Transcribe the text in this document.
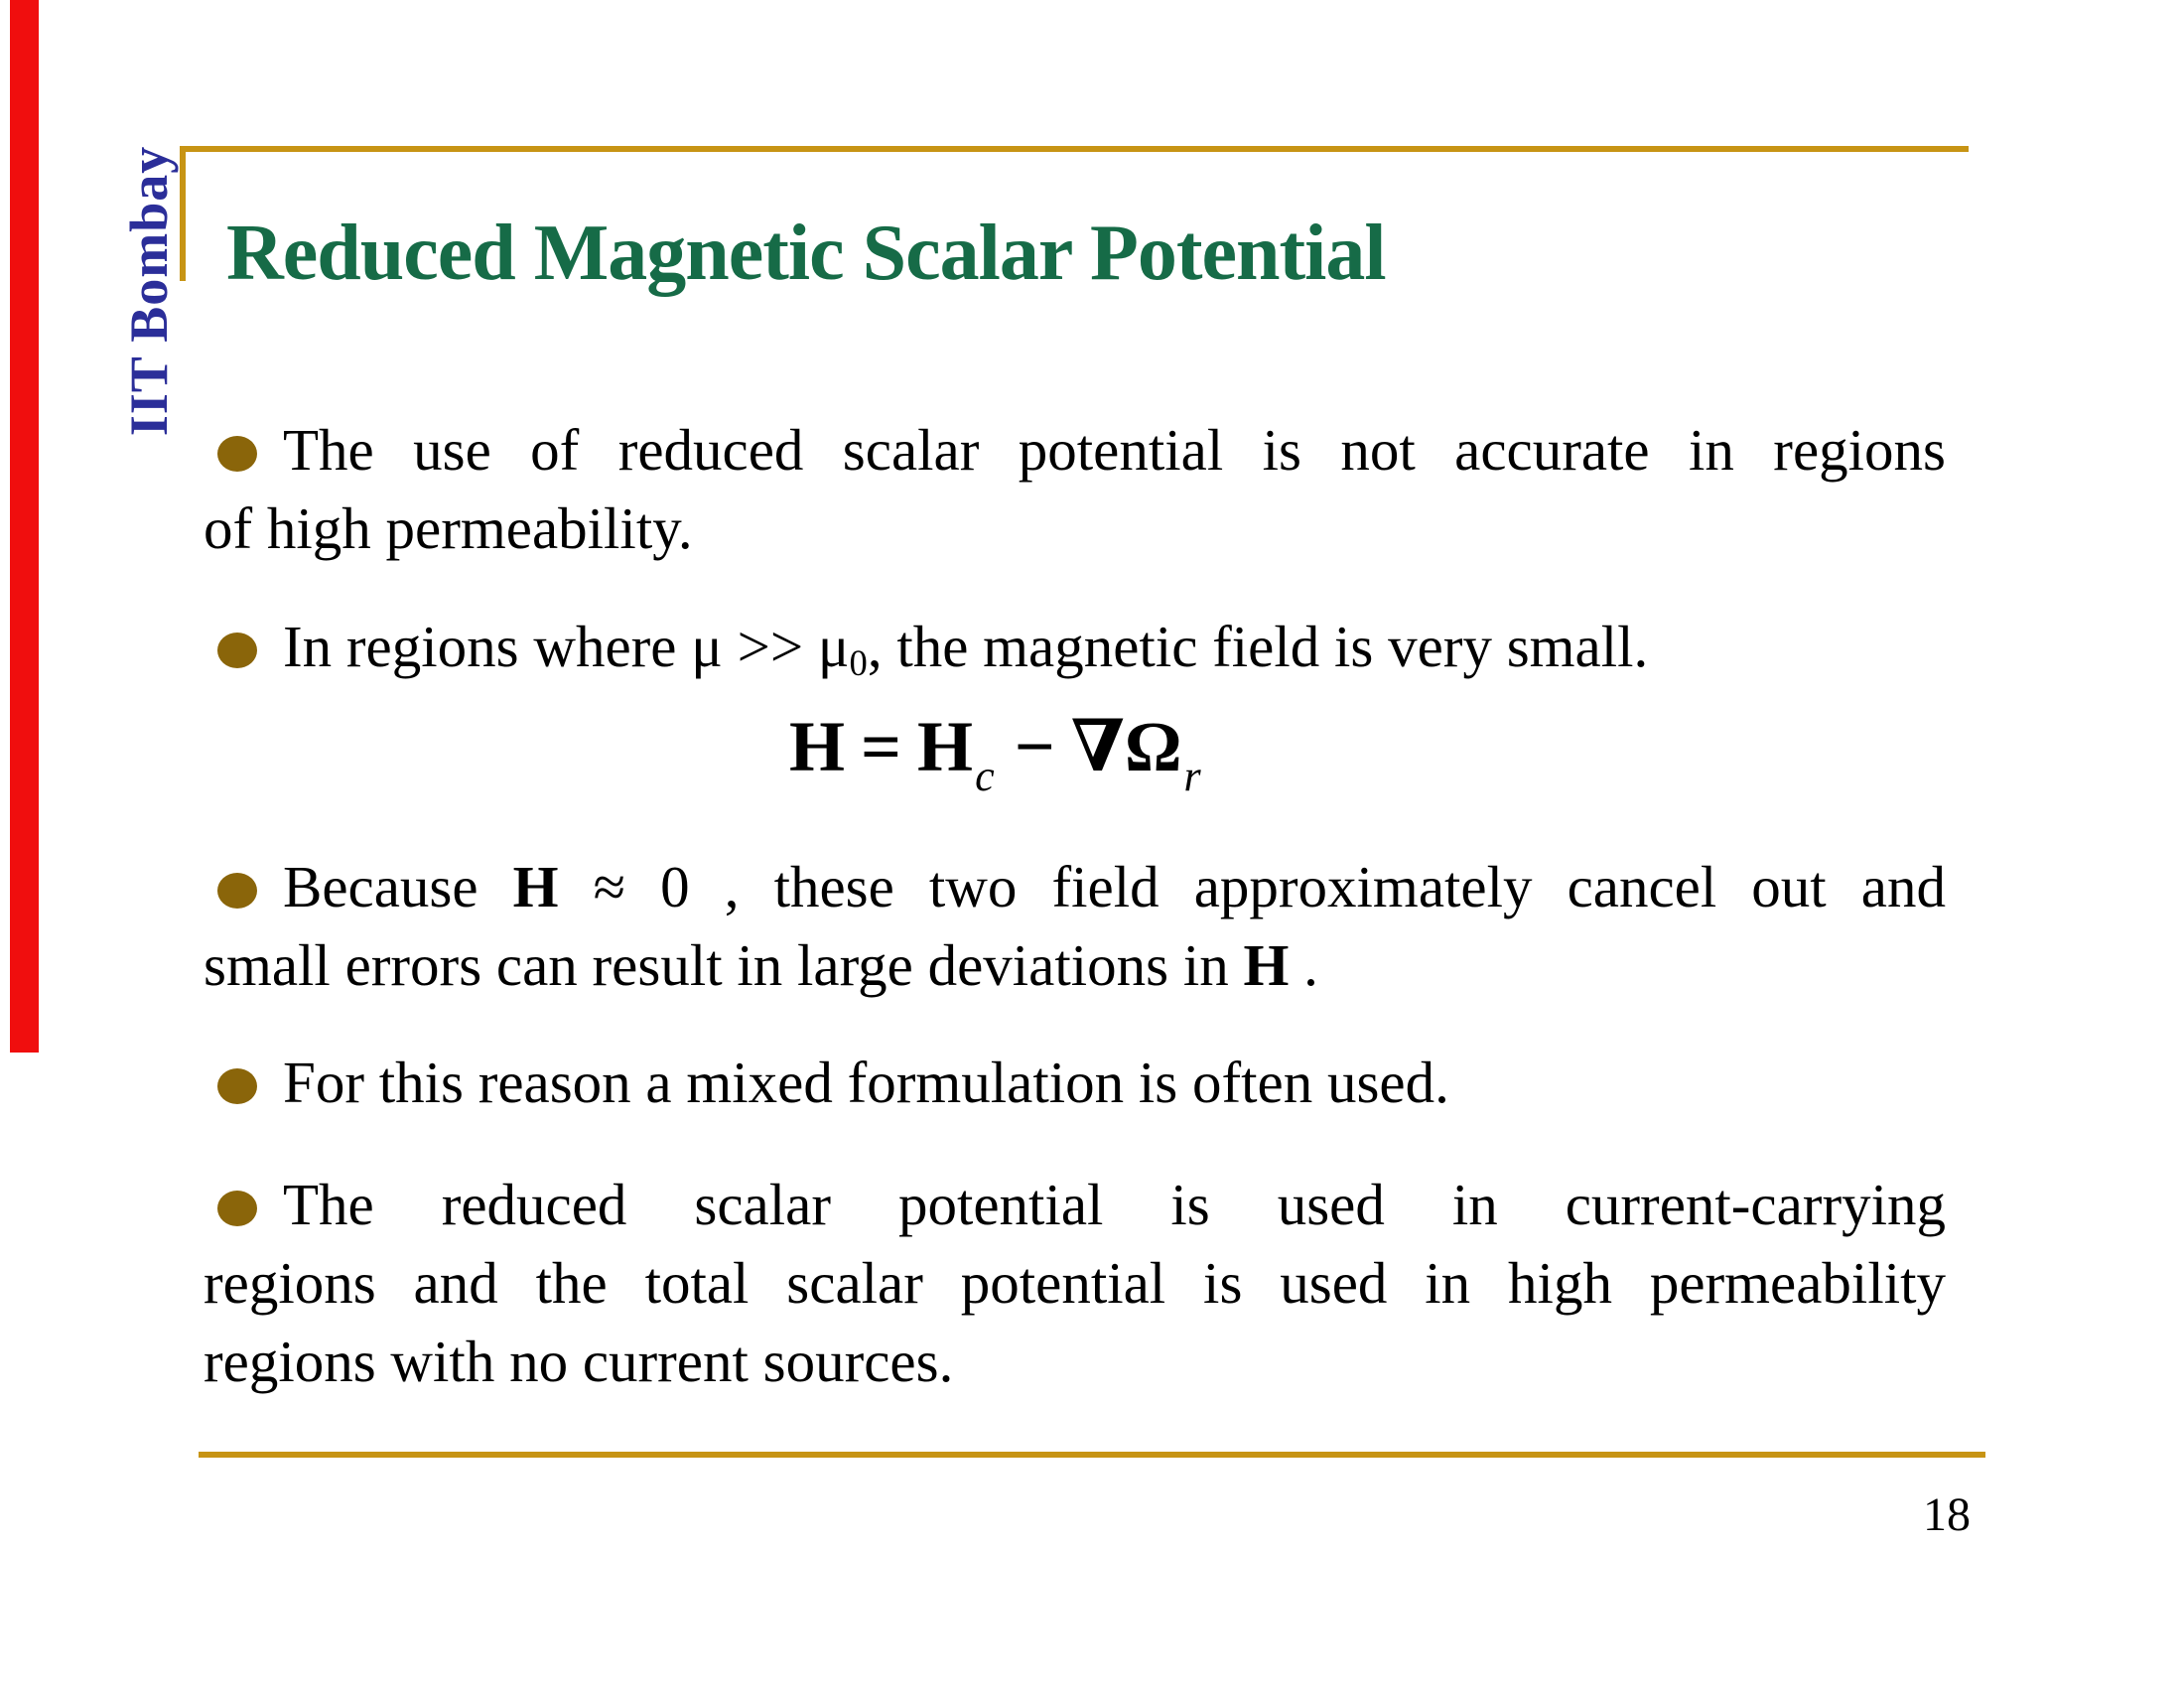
IIT Bombay Reduced Magnetic Scalar Potential
The use of reduced scalar potential is not accurate in regions
of high permeability.
In regions where μ >> μ0, the magnetic field is very small.
$H = H_c - \nabla\Omega_r$
Because H ≈ 0 , these two field approximately cancel out and
small errors can result in large deviations in H .
For this reason a mixed formulation is often used.
The reduced scalar potential is used in current-carrying
regions and the total scalar potential is used in high permeability
regions with no current sources.
18
